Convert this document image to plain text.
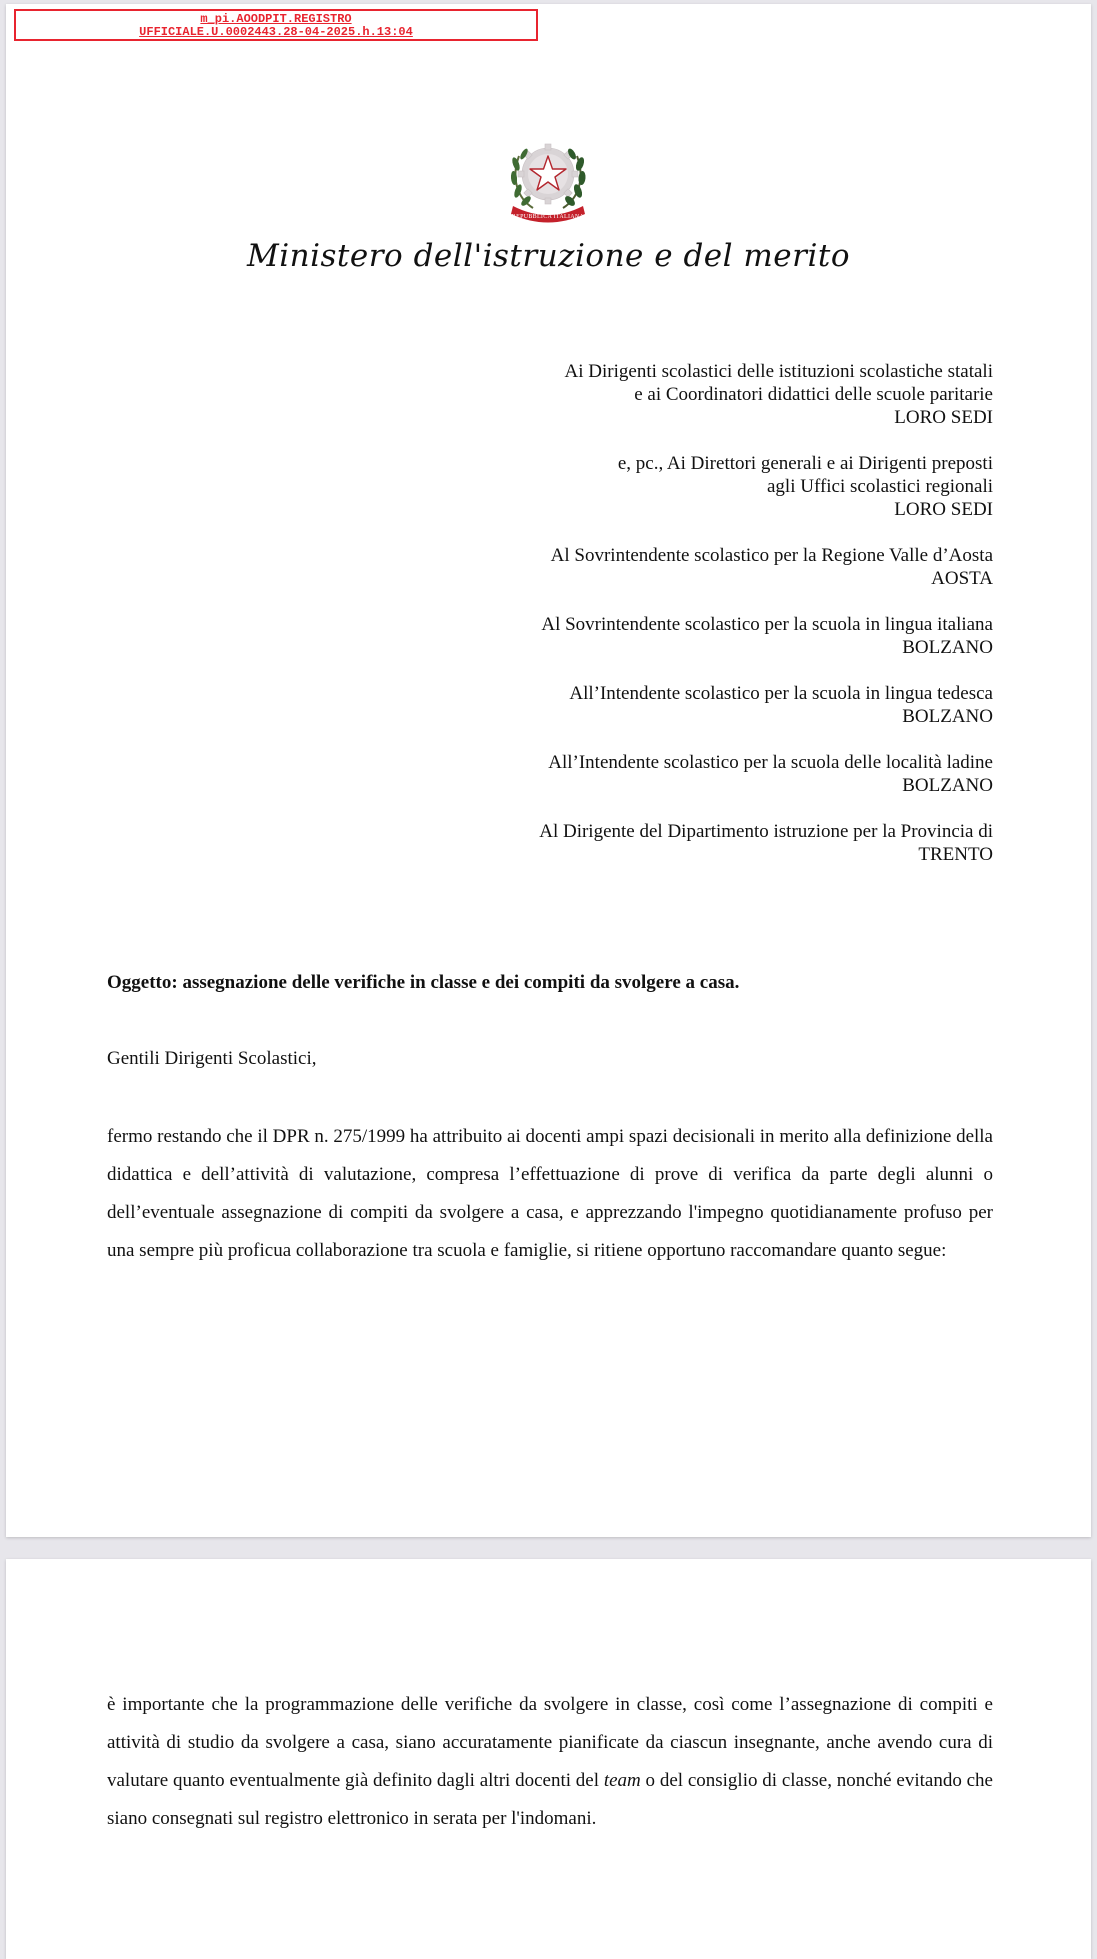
m_pi.AOODPIT.REGISTRO
UFFICIALE.U.0002443.28-04-2025.h.13:04
REPUBBLICA ITALIANA
Ministero dell'istruzione e del merito
Ai Dirigenti scolastici delle istituzioni scolastiche statali
e ai Coordinatori didattici delle scuole paritarie
LORO SEDI
e, pc., Ai Direttori generali e ai Dirigenti preposti
agli Uffici scolastici regionali
LORO SEDI
Al Sovrintendente scolastico per la Regione Valle d’Aosta
AOSTA
Al Sovrintendente scolastico per la scuola in lingua italiana
BOLZANO
All’Intendente scolastico per la scuola in lingua tedesca
BOLZANO
All’Intendente scolastico per la scuola delle località ladine
BOLZANO
Al Dirigente del Dipartimento istruzione per la Provincia di
TRENTO
Oggetto: assegnazione delle verifiche in classe e dei compiti da svolgere a casa.
Gentili Dirigenti Scolastici,
fermo restando che il DPR n. 275/1999 ha attribuito ai docenti ampi spazi decisionali in merito alla definizione della didattica e dell’attività di valutazione, compresa l’effettuazione di prove di verifica da parte degli alunni o dell’eventuale assegnazione di compiti da svolgere a casa, e apprezzando l'impegno quotidianamente profuso per una sempre più proficua collaborazione tra scuola e famiglie, si ritiene opportuno raccomandare quanto segue:
è importante che la programmazione delle verifiche da svolgere in classe, così come l’assegnazione di compiti e attività di studio da svolgere a casa, siano accuratamente pianificate da ciascun insegnante, anche avendo cura di valutare quanto eventualmente già definito dagli altri docenti del team o del consiglio di classe, nonché evitando che siano consegnati sul registro elettronico in serata per l'indomani.
